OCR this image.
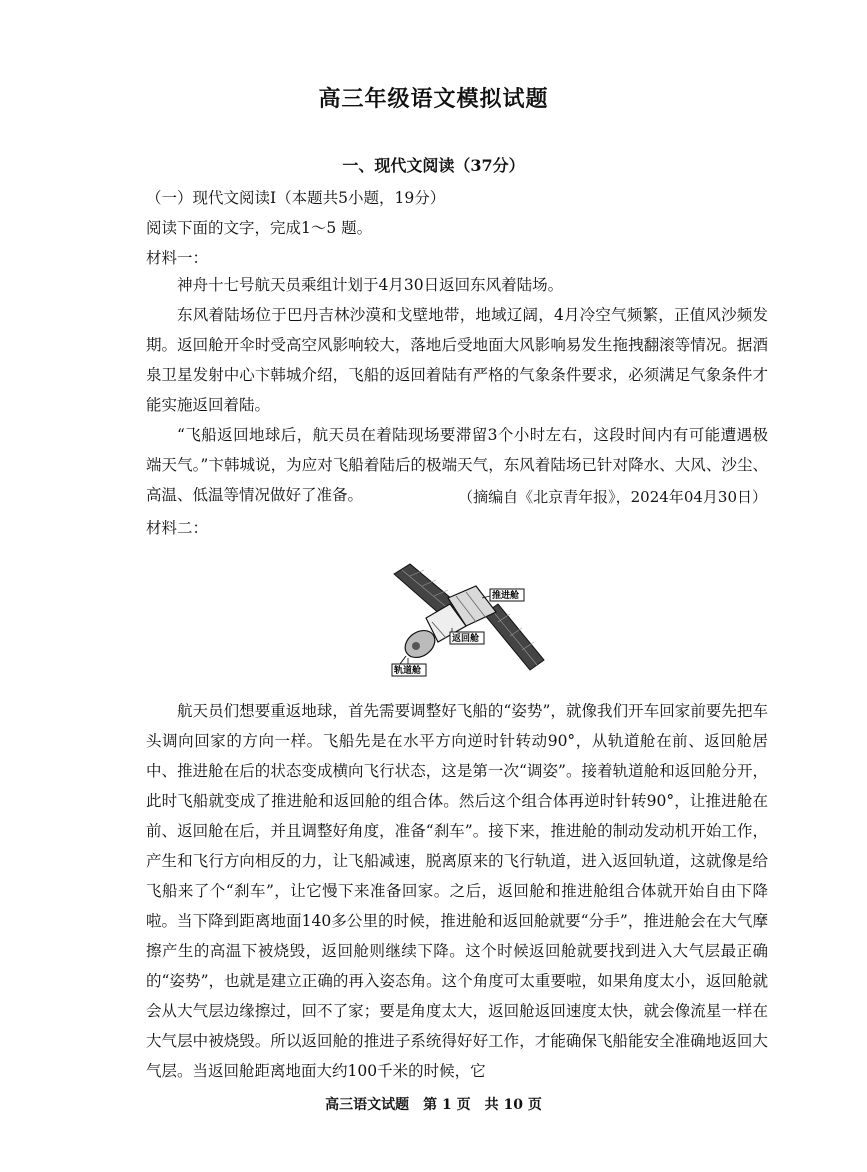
高三年级语文模拟试题
一、现代文阅读（37分）
（一）现代文阅读Ⅰ（本题共5小题，19分）
阅读下面的文字，完成1～5 题。
材料一：
神舟十七号航天员乘组计划于4月30日返回东风着陆场。
东风着陆场位于巴丹吉林沙漠和戈壁地带，地域辽阔，4月冷空气频繁，正值风沙频发期。返回舱开伞时受高空风影响较大，落地后受地面大风影响易发生拖拽翻滚等情况。据酒泉卫星发射中心卞韩城介绍，飞船的返回着陆有严格的气象条件要求，必须满足气象条件才能实施返回着陆。
“飞船返回地球后，航天员在着陆现场要滞留3个小时左右，这段时间内有可能遭遇极端天气。”卞韩城说，为应对飞船着陆后的极端天气，东风着陆场已针对降水、大风、沙尘、高温、低温等情况做好了准备。	（摘编自《北京青年报》，2024年04月30日）
材料二：
推进舱
返回舱
轨道舱
航天员们想要重返地球，首先需要调整好飞船的“姿势”，就像我们开车回家前要先把车头调向回家的方向一样。飞船先是在水平方向逆时针转动90°，从轨道舱在前、返回舱居中、推进舱在后的状态变成横向飞行状态，这是第一次“调姿”。接着轨道舱和返回舱分开，此时飞船就变成了推进舱和返回舱的组合体。然后这个组合体再逆时针转90°，让推进舱在前、返回舱在后，并且调整好角度，准备“刹车”。接下来，推进舱的制动发动机开始工作，产生和飞行方向相反的力，让飞船减速，脱离原来的飞行轨道，进入返回轨道，这就像是给飞船来了个“刹车”，让它慢下来准备回家。之后，返回舱和推进舱组合体就开始自由下降啦。 当下降到距离地面140多公里的时候，推进舱和返回舱就要“分手”，推进舱会在大气摩擦产生的高温下被烧毁，返回舱则继续下降。这个时候返回舱就要找到进入大气层最正确的“姿势”，也就是建立正确的再入姿态角。这个角度可太重要啦，如果角度太小，返回舱就会从大气层边缘擦过，回不了家；要是角度太大，返回舱返回速度太快，就会像流星一样在大气层中被烧毁。所以返回舱的推进子系统得好好工作，才能确保飞船能安全准确地返回大气层。当返回舱距离地面大约100千米的时候，它
高三语文试题　第 1 页　共 10 页
